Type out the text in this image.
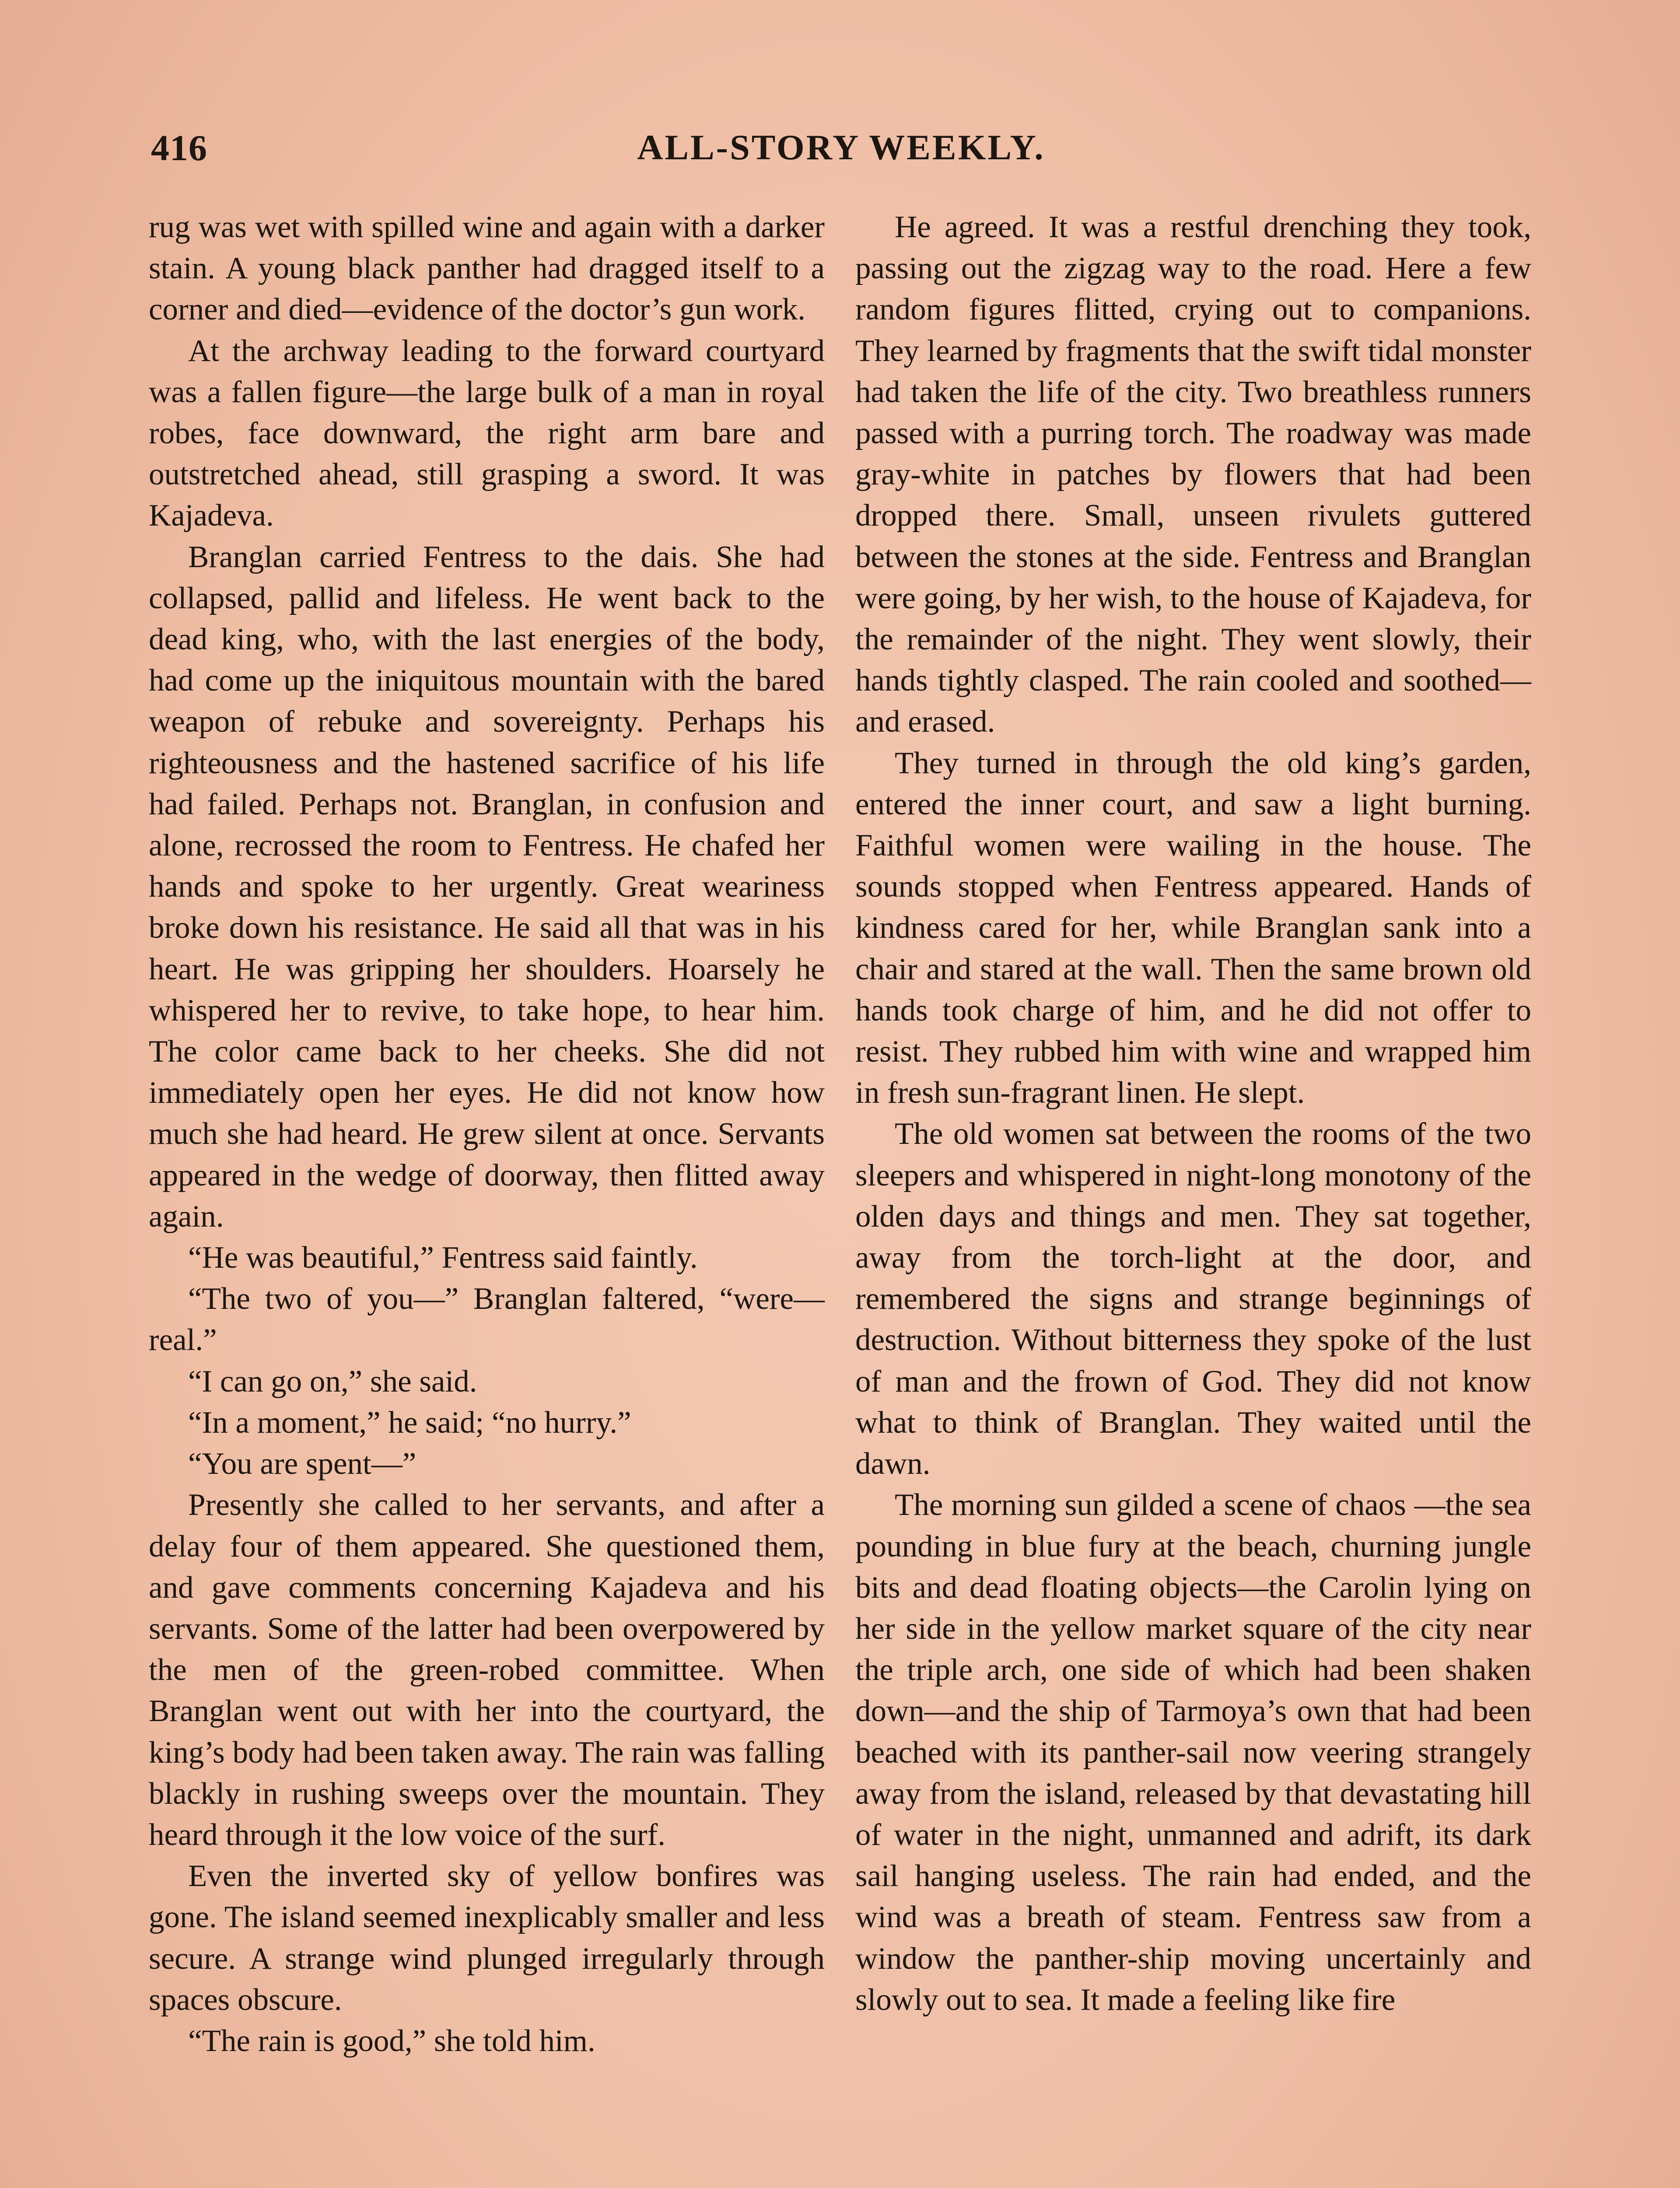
416	ALL-STORY WEEKLY.

rug was wet with spilled wine and again with a darker stain. A young black panther had dragged itself to a corner and died—evidence of the doctor’s gun work.

At the archway leading to the forward courtyard was a fallen figure—the large bulk of a man in royal robes, face downward, the right arm bare and outstretched ahead, still grasping a sword. It was Kajadeva.

Branglan carried Fentress to the dais. She had collapsed, pallid and lifeless. He went back to the dead king, who, with the last energies of the body, had come up the iniquitous mountain with the bared weapon of rebuke and sovereignty. Perhaps his righteousness and the hastened sacrifice of his life had failed. Perhaps not. Branglan, in confusion and alone, recrossed the room to Fentress. He chafed her hands and spoke to her urgently. Great weariness broke down his resistance. He said all that was in his heart. He was gripping her shoulders. Hoarsely he whispered her to revive, to take hope, to hear him. The color came back to her cheeks. She did not immediately open her eyes. He did not know how much she had heard. He grew silent at once. Servants appeared in the wedge of doorway, then flitted away again.

“He was beautiful,” Fentress said faintly.

“The two of you—” Branglan faltered, “were—real.”

“I can go on,” she said.

“In a moment,” he said; “no hurry.”

“You are spent—”

Presently she called to her servants, and after a delay four of them appeared. She questioned them, and gave comments concerning Kajadeva and his servants. Some of the latter had been overpowered by the men of the green-robed committee. When Branglan went out with her into the courtyard, the king’s body had been taken away. The rain was falling blackly in rushing sweeps over the mountain. They heard through it the low voice of the surf.

Even the inverted sky of yellow bonfires was gone. The island seemed inexplicably smaller and less secure. A strange wind plunged irregularly through spaces obscure.

“The rain is good,” she told him.

He agreed. It was a restful drenching they took, passing out the zigzag way to the road. Here a few random figures flitted, crying out to companions. They learned by fragments that the swift tidal monster had taken the life of the city. Two breathless runners passed with a purring torch. The roadway was made gray-white in patches by flowers that had been dropped there. Small, unseen rivulets guttered between the stones at the side. Fentress and Branglan were going, by her wish, to the house of Kajadeva, for the remainder of the night. They went slowly, their hands tightly clasped. The rain cooled and soothed—and erased.

They turned in through the old king’s garden, entered the inner court, and saw a light burning. Faithful women were wailing in the house. The sounds stopped when Fentress appeared. Hands of kindness cared for her, while Branglan sank into a chair and stared at the wall. Then the same brown old hands took charge of him, and he did not offer to resist. They rubbed him with wine and wrapped him in fresh sun-fragrant linen. He slept.

The old women sat between the rooms of the two sleepers and whispered in night-long monotony of the olden days and things and men. They sat together, away from the torch-light at the door, and remembered the signs and strange beginnings of destruction. Without bitterness they spoke of the lust of man and the frown of God. They did not know what to think of Branglan. They waited until the dawn.

The morning sun gilded a scene of chaos —the sea pounding in blue fury at the beach, churning jungle bits and dead floating objects—the Carolin lying on her side in the yellow market square of the city near the triple arch, one side of which had been shaken down—and the ship of Tarmoya’s own that had been beached with its panther-sail now veering strangely away from the island, released by that devastating hill of water in the night, unmanned and adrift, its dark sail hanging useless. The rain had ended, and the wind was a breath of steam. Fentress saw from a window the panther-ship moving uncertainly and slowly out to sea. It made a feeling like fire
